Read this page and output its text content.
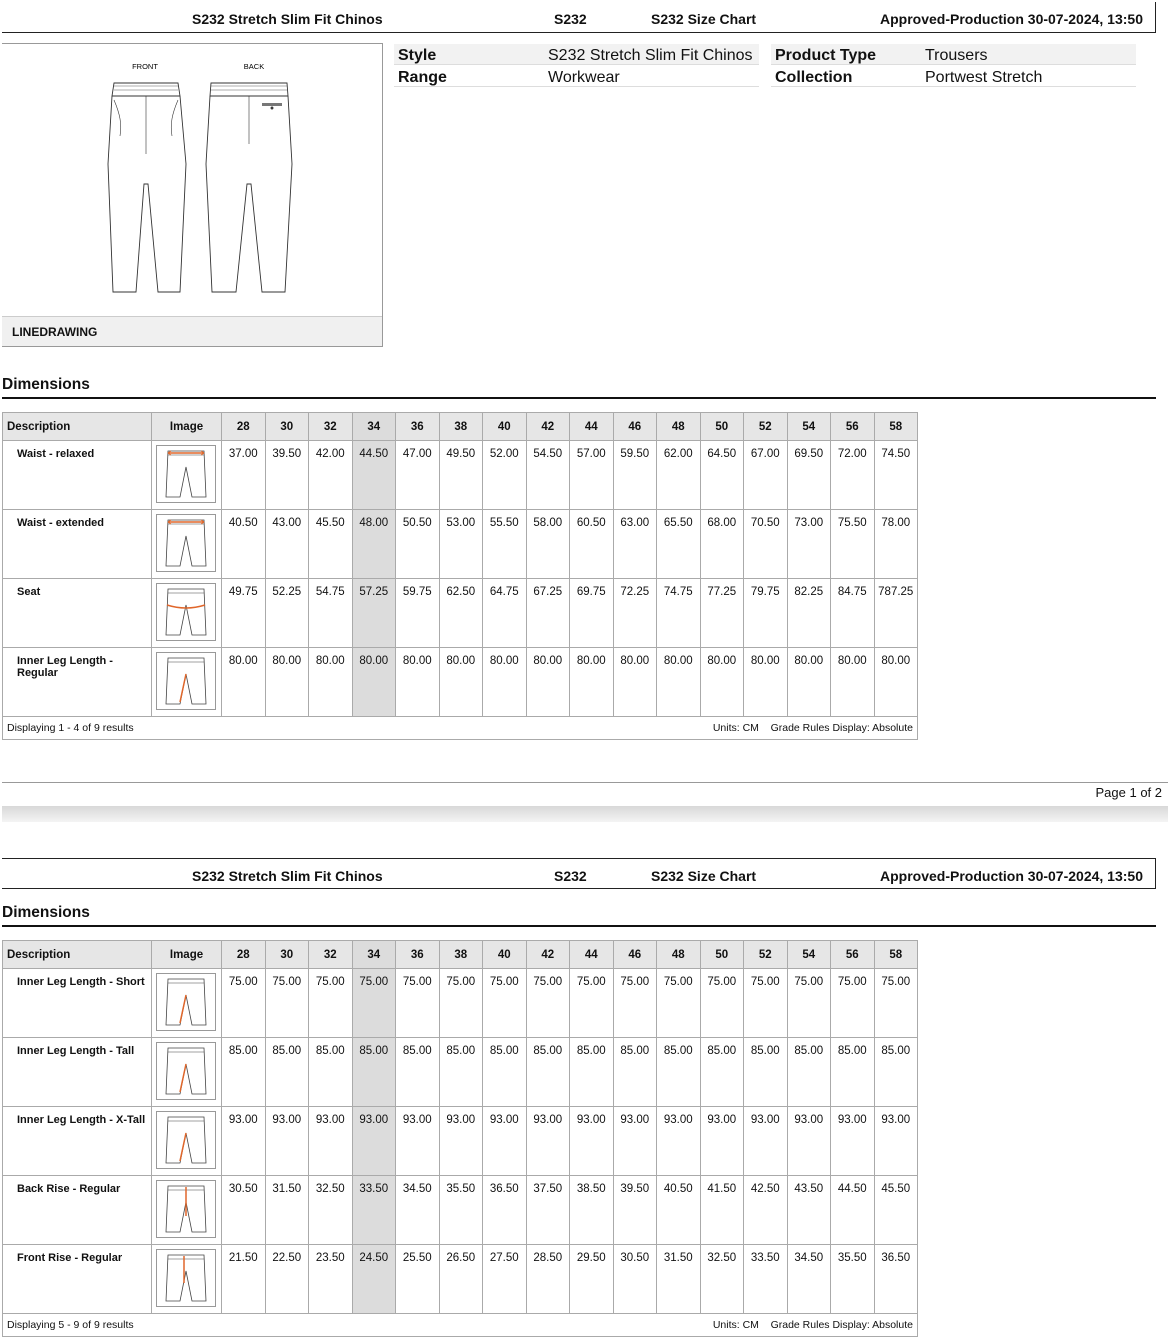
S232 Stretch Slim Fit Chinos	S232	S232 Size Chart	Approved-Production 30-07-2024, 13:50
FRONT	BACK
LINEDRAWING
Style	S232 Stretch Slim Fit Chinos
Range	Workwear
Product Type	Trousers
Collection	Portwest Stretch
Dimensions
Description	Image	28	30	32	34	36	38	40	42	44	46	48	50	52	54	56	58
Waist - relaxed		37.00	39.50	42.00	44.50	47.00	49.50	52.00	54.50	57.00	59.50	62.00	64.50	67.00	69.50	72.00	74.50
Waist - extended		40.50	43.00	45.50	48.00	50.50	53.00	55.50	58.00	60.50	63.00	65.50	68.00	70.50	73.00	75.50	78.00
Seat		49.75	52.25	54.75	57.25	59.75	62.50	64.75	67.25	69.75	72.25	74.75	77.25	79.75	82.25	84.75	787.25
Inner Leg Length - Regular		80.00	80.00	80.00	80.00	80.00	80.00	80.00	80.00	80.00	80.00	80.00	80.00	80.00	80.00	80.00	80.00
Displaying 1 - 4 of 9 results				Units: CM    Grade Rules Display: Absolute													
Page 1 of 2
S232 Stretch Slim Fit Chinos	S232	S232 Size Chart	Approved-Production 30-07-2024, 13:50
Dimensions
Description	Image	28	30	32	34	36	38	40	42	44	46	48	50	52	54	56	58
Inner Leg Length - Short		75.00	75.00	75.00	75.00	75.00	75.00	75.00	75.00	75.00	75.00	75.00	75.00	75.00	75.00	75.00	75.00
Inner Leg Length - Tall		85.00	85.00	85.00	85.00	85.00	85.00	85.00	85.00	85.00	85.00	85.00	85.00	85.00	85.00	85.00	85.00
Inner Leg Length - X-Tall		93.00	93.00	93.00	93.00	93.00	93.00	93.00	93.00	93.00	93.00	93.00	93.00	93.00	93.00	93.00	93.00
Back Rise - Regular		30.50	31.50	32.50	33.50	34.50	35.50	36.50	37.50	38.50	39.50	40.50	41.50	42.50	43.50	44.50	45.50
Front Rise - Regular		21.50	22.50	23.50	24.50	25.50	26.50	27.50	28.50	29.50	30.50	31.50	32.50	33.50	34.50	35.50	36.50
Displaying 5 - 9 of 9 results				Units: CM    Grade Rules Display: Absolute													
